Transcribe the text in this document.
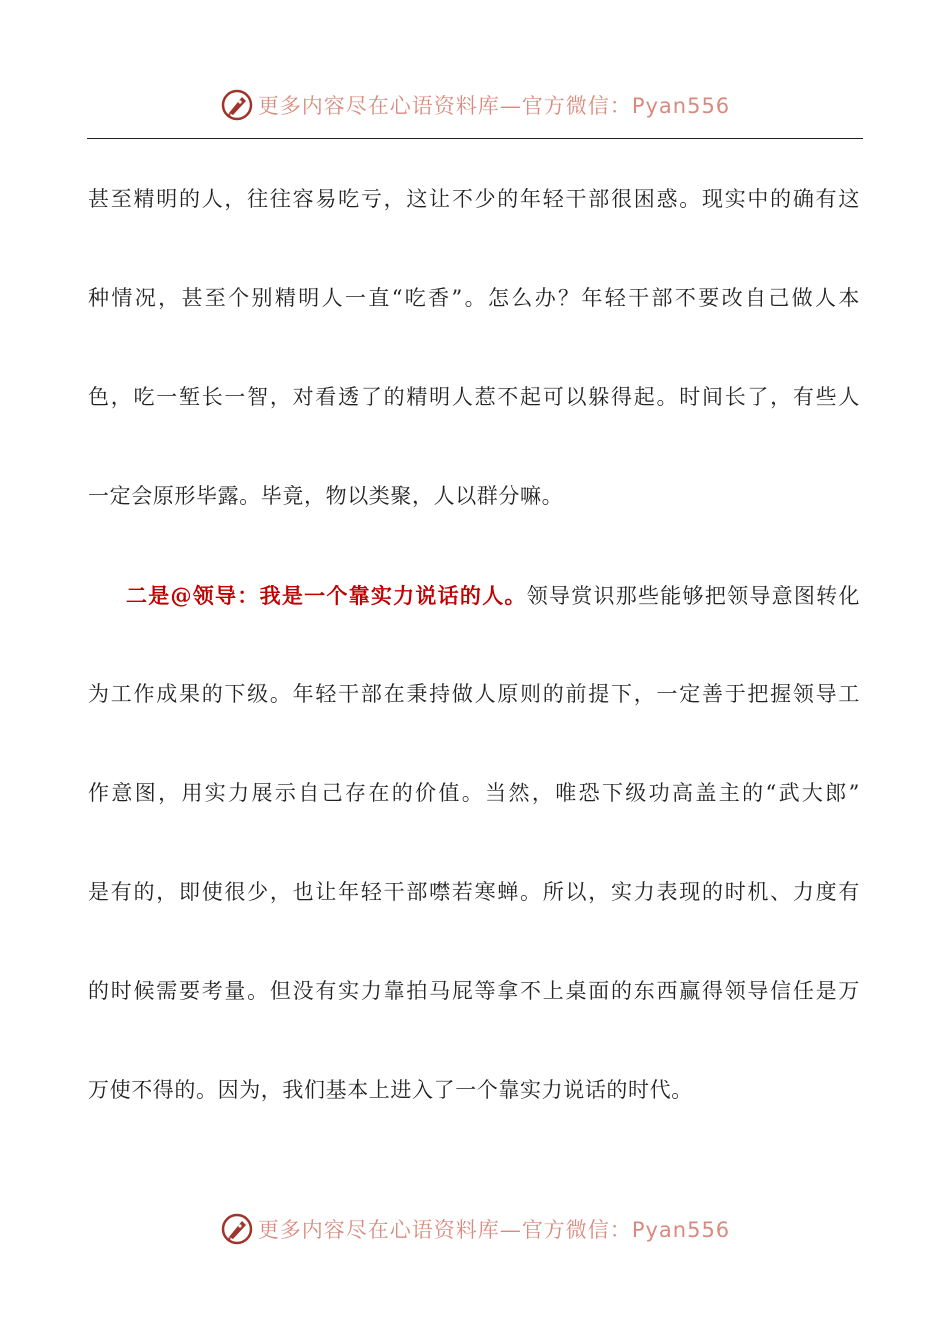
更多内容尽在心语资料库—官方微信：Pyan556
甚至精明的人，往往容易吃亏，这让不少的年轻干部很困惑。现实中的确有这
种情况，甚至个别精明人一直“吃香”。怎么办？年轻干部不要改自己做人本
色，吃一堑长一智，对看透了的精明人惹不起可以躲得起。时间长了，有些人
一定会原形毕露。毕竟，物以类聚，人以群分嘛。
二是@领导：我是一个靠实力说话的人。领导赏识那些能够把领导意图转化
为工作成果的下级。年轻干部在秉持做人原则的前提下，一定善于把握领导工
作意图，用实力展示自己存在的价值。当然，唯恐下级功高盖主的“武大郎”
是有的，即使很少，也让年轻干部噤若寒蝉。所以，实力表现的时机、力度有
的时候需要考量。但没有实力靠拍马屁等拿不上桌面的东西赢得领导信任是万
万使不得的。因为，我们基本上进入了一个靠实力说话的时代。
更多内容尽在心语资料库—官方微信：Pyan556
